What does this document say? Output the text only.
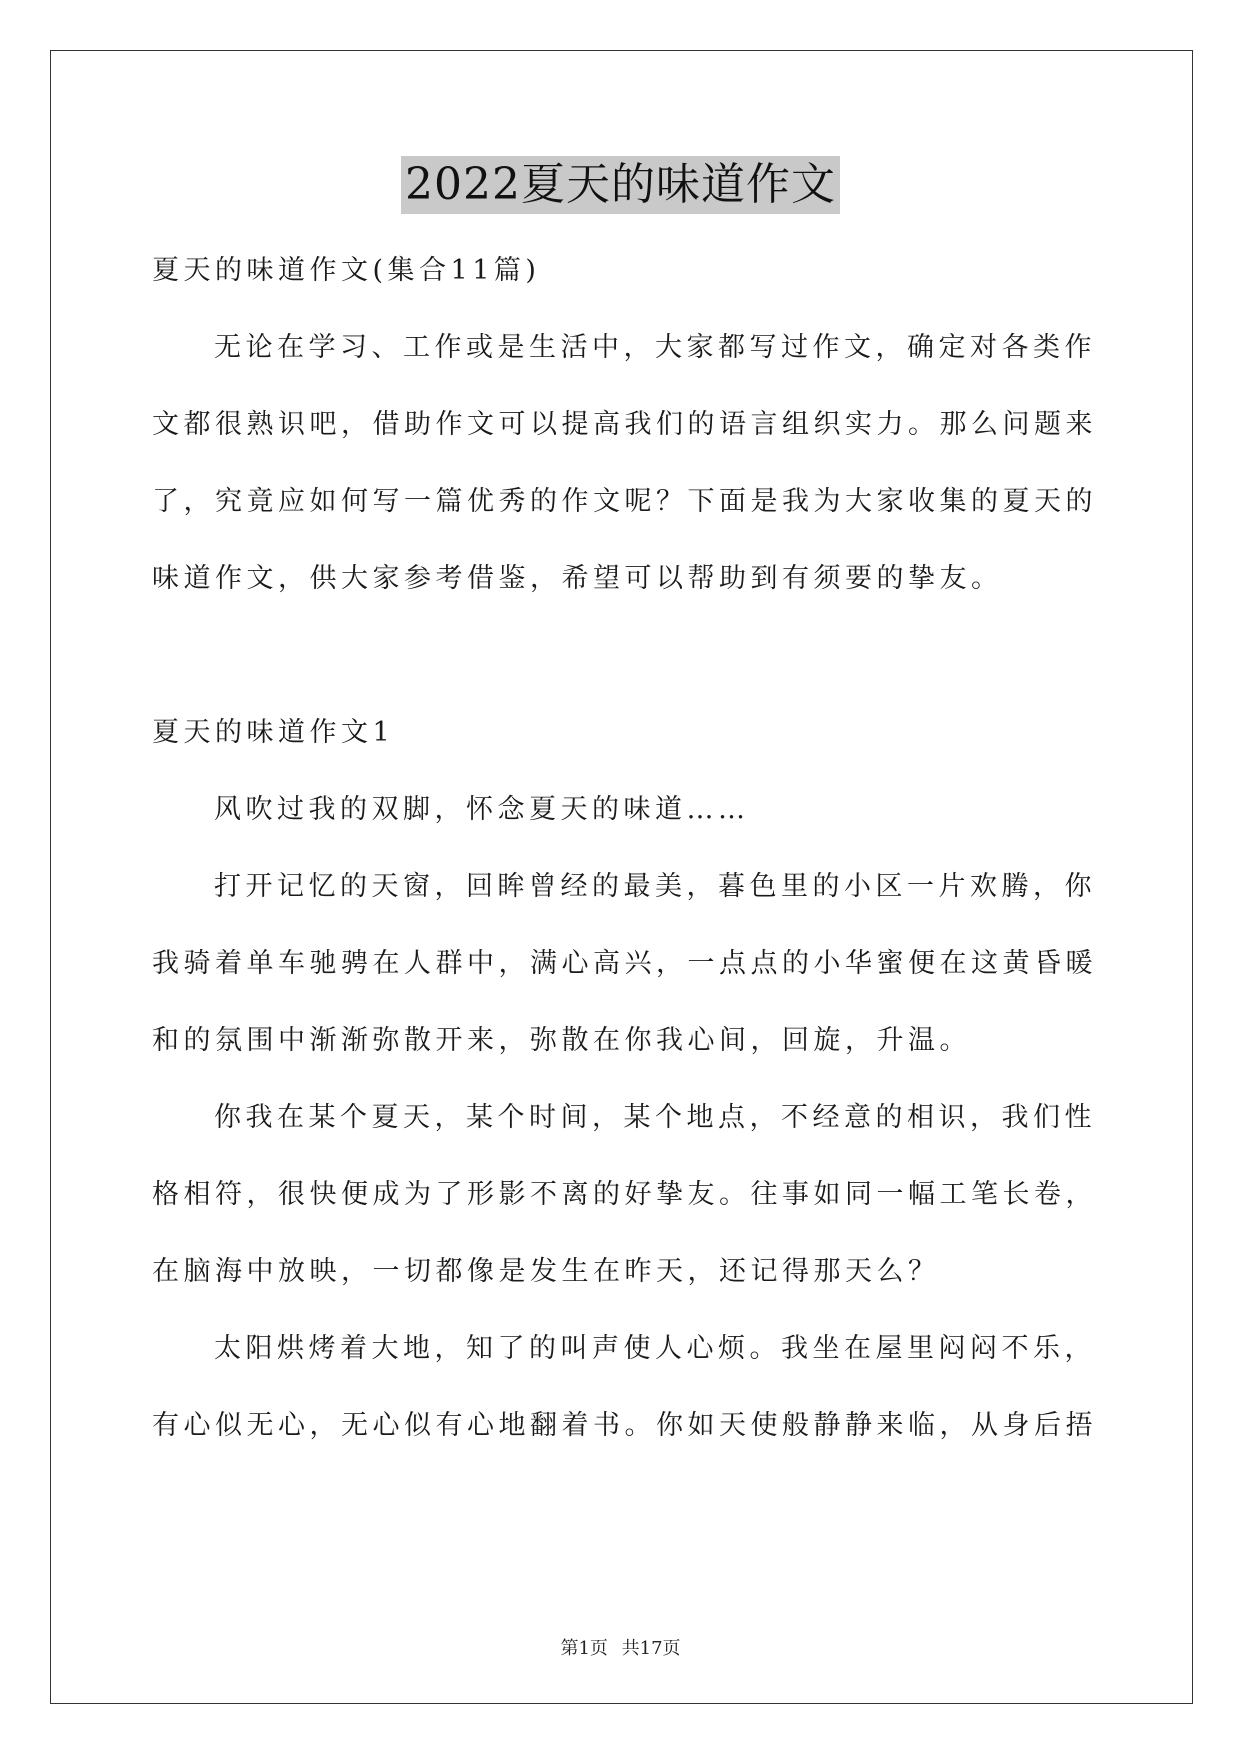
2022夏天的味道作文
夏天的味道作文(集合11篇)
无论在学习、工作或是生活中，大家都写过作文，确定对各类作
文都很熟识吧，借助作文可以提高我们的语言组织实力。那么问题来
了，究竟应如何写一篇优秀的作文呢？下面是我为大家收集的夏天的
味道作文，供大家参考借鉴，希望可以帮助到有须要的挚友。
夏天的味道作文1
风吹过我的双脚，怀念夏天的味道……
打开记忆的天窗，回眸曾经的最美，暮色里的小区一片欢腾，你
我骑着单车驰骋在人群中，满心高兴，一点点的小华蜜便在这黄昏暖
和的氛围中渐渐弥散开来，弥散在你我心间，回旋，升温。
你我在某个夏天，某个时间，某个地点，不经意的相识，我们性
格相符，很快便成为了形影不离的好挚友。往事如同一幅工笔长卷，
在脑海中放映，一切都像是发生在昨天，还记得那天么？
太阳烘烤着大地，知了的叫声使人心烦。我坐在屋里闷闷不乐，
有心似无心，无心似有心地翻着书。你如天使般静静来临，从身后捂
第1页 共17页
